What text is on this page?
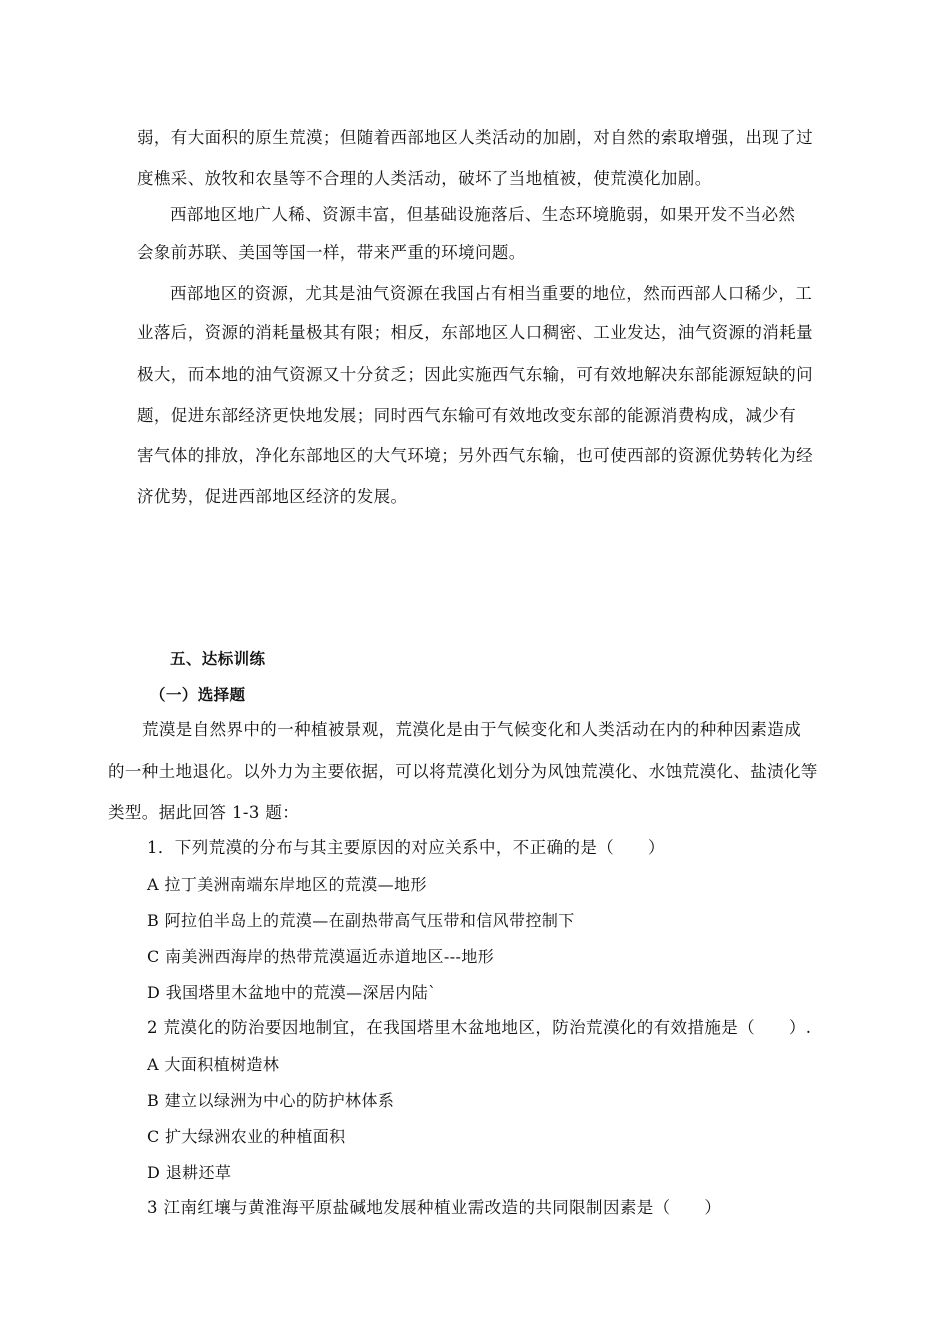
弱，有大面积的原生荒漠；但随着西部地区人类活动的加剧，对自然的索取增强，出现了过
度樵采、放牧和农垦等不合理的人类活动，破坏了当地植被，使荒漠化加剧。
西部地区地广人稀、资源丰富，但基础设施落后、生态环境脆弱，如果开发不当必然
会象前苏联、美国等国一样，带来严重的环境问题。
西部地区的资源，尤其是油气资源在我国占有相当重要的地位，然而西部人口稀少，工
业落后，资源的消耗量极其有限；相反，东部地区人口稠密、工业发达，油气资源的消耗量
极大，而本地的油气资源又十分贫乏；因此实施西气东输，可有效地解决东部能源短缺的问
题，促进东部经济更快地发展；同时西气东输可有效地改变东部的能源消费构成，减少有
害气体的排放，净化东部地区的大气环境；另外西气东输，也可使西部的资源优势转化为经
济优势，促进西部地区经济的发展。
五、达标训练
（一）选择题
荒漠是自然界中的一种植被景观，荒漠化是由于气候变化和人类活动在内的种种因素造成
的一种土地退化。以外力为主要依据，可以将荒漠化划分为风蚀荒漠化、水蚀荒漠化、盐渍化等
类型。据此回答 1-3 题：
1．下列荒漠的分布与其主要原因的对应关系中，不正确的是（　　）
A 拉丁美洲南端东岸地区的荒漠—地形
B 阿拉伯半岛上的荒漠—在副热带高气压带和信风带控制下
C 南美洲西海岸的热带荒漠逼近赤道地区---地形
D 我国塔里木盆地中的荒漠—深居内陆`
2 荒漠化的防治要因地制宜，在我国塔里木盆地地区，防治荒漠化的有效措施是（　　）.
A 大面积植树造林
B 建立以绿洲为中心的防护林体系
C 扩大绿洲农业的种植面积
D 退耕还草
3 江南红壤与黄淮海平原盐碱地发展种植业需改造的共同限制因素是（　　）
